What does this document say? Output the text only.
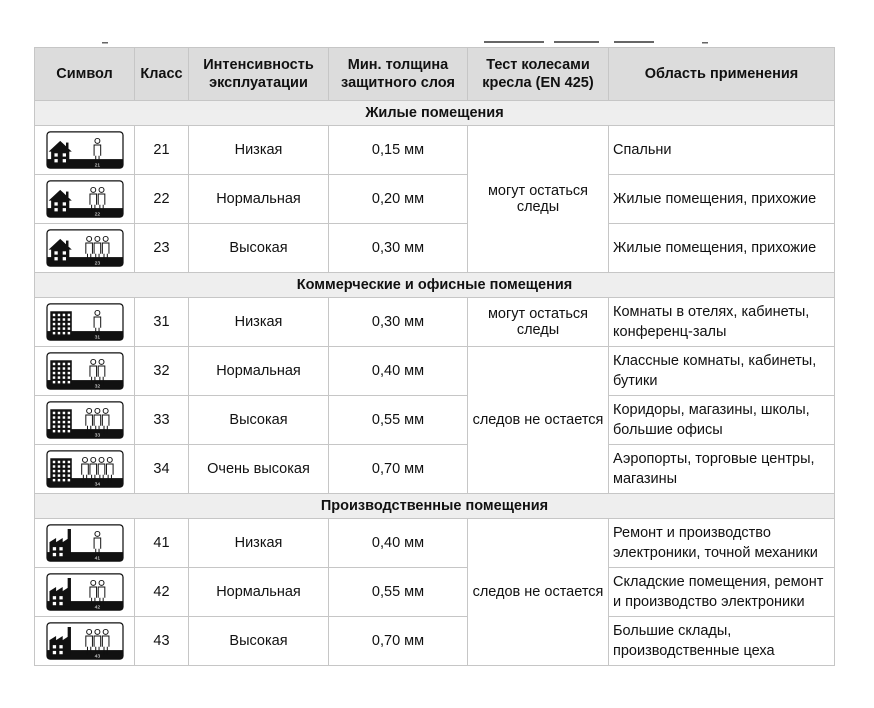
Символ	Класс	Интенсивность эксплуатации	Мин. толщина защитного слоя	Тест колесами кресла (EN 425)	Область применения
Жилые помещения					

21	21	Низкая	0,15 мм	могут остаться следы	Спальни

22	22	Нормальная	0,20 мм		Жилые помещения, прихожие

23	23	Высокая	0,30 мм		Жилые помещения, прихожие
Коммерческие и офисные помещения					

31	31	Низкая	0,30 мм	могут остаться следы	Комнаты в отелях, кабинеты, конференц-залы

32	32	Нормальная	0,40 мм	следов не остается	Классные комнаты, кабинеты, бутики

33	33	Высокая	0,55 мм		Коридоры, магазины, школы, большие офисы

34	34	Очень высокая	0,70 мм		Аэропорты, торговые центры, магазины
Производственные помещения					

41	41	Низкая	0,40 мм	следов не остается	Ремонт и производство электроники, точной механики

42	42	Нормальная	0,55 мм		Складские помещения, ремонт и производство электроники

43	43	Высокая	0,70 мм		Большие склады, производственные цеха
